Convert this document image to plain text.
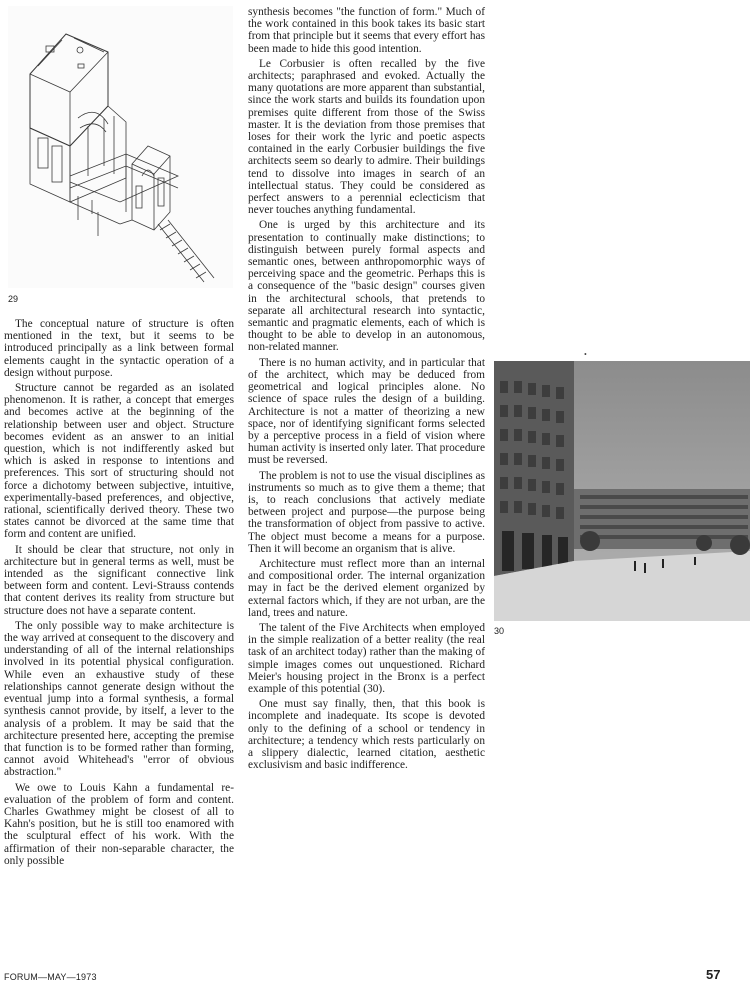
29
30
•

The conceptual nature of structure is often mentioned in the text, but it seems to be introduced principally as a link between formal elements caught in the syntactic operation of a design without purpose.

Structure cannot be regarded as an isolated phenomenon. It is rather, a concept that emerges and becomes active at the beginning of the relationship between user and object. Structure becomes evident as an answer to an initial question, which is not indifferently asked but which is asked in response to intentions and preferences. This sort of structuring should not force a dichotomy between subjective, intuitive, experimentally-based preferences, and objective, rational, scientifically derived theory. These two states cannot be divorced at the same time that form and content are unified.

It should be clear that structure, not only in architecture but in general terms as well, must be intended as the significant connective link between form and content. Levi-Strauss contends that content derives its reality from structure but structure does not have a separate content.

The only possible way to make architecture is the way arrived at consequent to the discovery and understanding of all of the internal relationships involved in its potential physical configuration. While even an exhaustive study of these relationships cannot generate design without the eventual jump into a formal synthesis, a formal synthesis cannot provide, by itself, a lever to the analysis of a problem. It may be said that the architecture presented here, accepting the premise that function is to be formed rather than forming, cannot avoid Whitehead's "error of obvious abstraction."

We owe to Louis Kahn a fundamental re-evaluation of the problem of form and content. Charles Gwathmey might be closest of all to Kahn's position, but he is still too enamored with the sculptural effect of his work. With the affirmation of their non-separable character, the only possible

synthesis becomes "the function of form." Much of the work contained in this book takes its basic start from that principle but it seems that every effort has been made to hide this good intention.

Le Corbusier is often recalled by the five architects; paraphrased and evoked. Actually the many quotations are more apparent than substantial, since the work starts and builds its foundation upon premises quite different from those of the Swiss master. It is the deviation from those premises that loses for their work the lyric and poetic aspects contained in the early Corbusier buildings the five architects seem so dearly to admire. Their buildings tend to dissolve into images in search of an intellectual status. They could be considered as perfect answers to a perennial eclecticism that never touches anything fundamental.

One is urged by this architecture and its presentation to continually make distinctions; to distinguish between purely formal aspects and semantic ones, between anthropomorphic ways of perceiving space and the geometric. Perhaps this is a consequence of the "basic design" courses given in the architectural schools, that pretends to separate all architectural research into syntactic, semantic and pragmatic elements, each of which is thought to be able to develop in an autonomous, non-related manner.

There is no human activity, and in particular that of the architect, which may be deduced from geometrical and logical principles alone. No science of space rules the design of a building. Architecture is not a matter of theorizing a new space, nor of identifying significant forms selected by a perceptive process in a field of vision where human activity is inserted only later. That procedure must be reversed.

The problem is not to use the visual disciplines as instruments so much as to give them a theme; that is, to reach conclusions that actively mediate between project and purpose—the purpose being the transformation of object from passive to active. The object must become a means for a purpose. Then it will become an organism that is alive.

Architecture must reflect more than an internal and compositional order. The internal organization may in fact be the derived element organized by external factors which, if they are not urban, are the land, trees and nature.

The talent of the Five Architects when employed in the simple realization of a better reality (the real task of an architect today) rather than the making of simple images comes out unquestioned. Richard Meier's housing project in the Bronx is a perfect example of this potential (30).

One must say finally, then, that this book is incomplete and inadequate. Its scope is devoted only to the defining of a school or tendency in architecture; a tendency which rests particularly on a slippery dialectic, learned citation, aesthetic exclusivism and basic indifference.

FORUM—MAY—1973	57
